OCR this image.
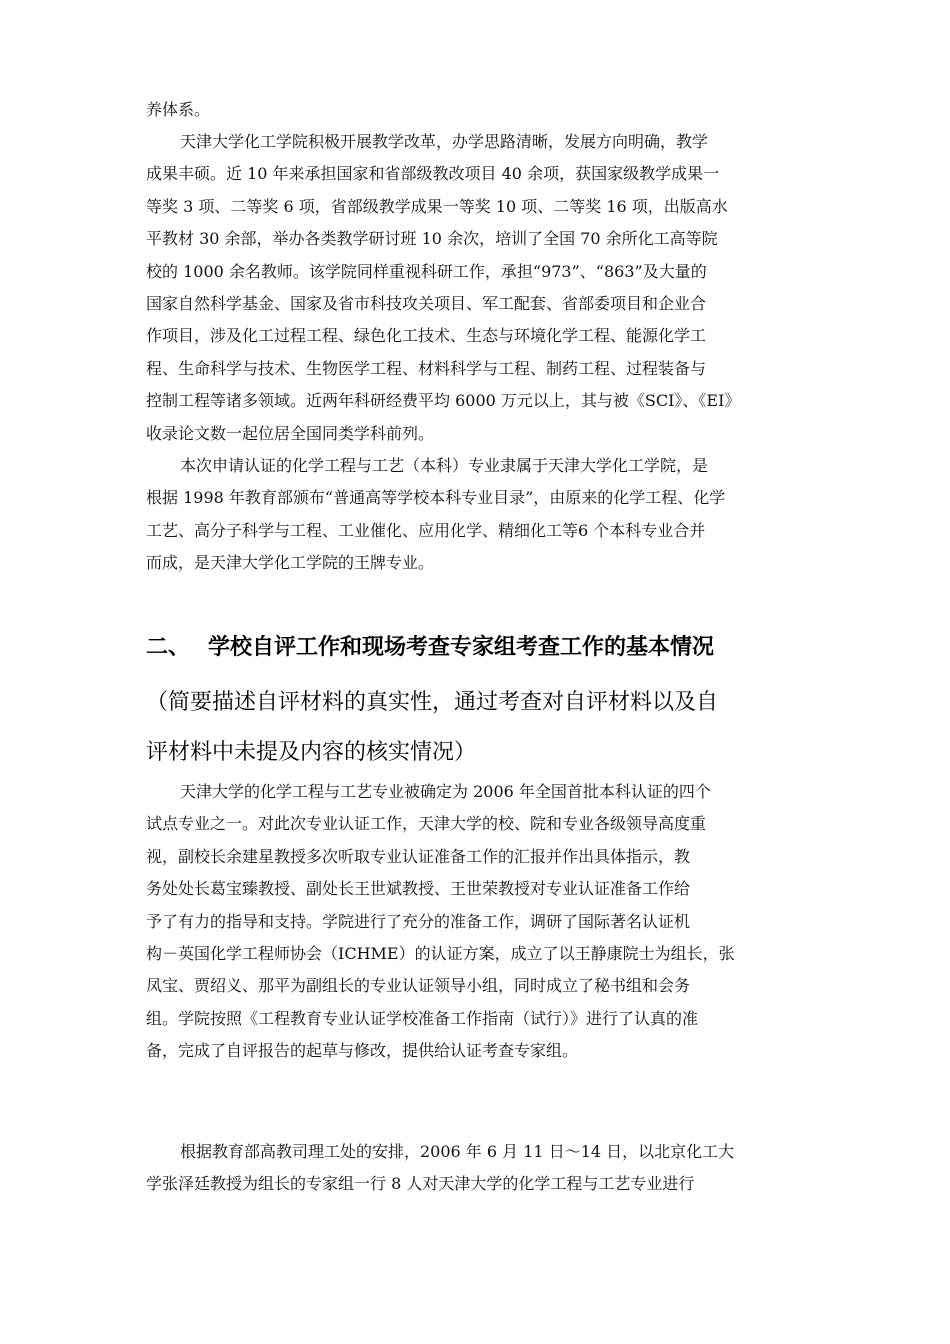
养体系。
天津大学化工学院积极开展教学改革，办学思路清晰，发展方向明确，教学
成果丰硕。近 10 年来承担国家和省部级教改项目 40 余项，获国家级教学成果一
等奖 3 项、二等奖 6 项，省部级教学成果一等奖 10 项、二等奖 16 项，出版高水
平教材 30 余部，举办各类教学研讨班 10 余次，培训了全国 70 余所化工高等院
校的 1000 余名教师。该学院同样重视科研工作，承担“973”、“863”及大量的
国家自然科学基金、国家及省市科技攻关项目、军工配套、省部委项目和企业合
作项目，涉及化工过程工程、绿色化工技术、生态与环境化学工程、能源化学工
程、生命科学与技术、生物医学工程、材料科学与工程、制药工程、过程装备与
控制工程等诸多领域。近两年科研经费平均 6000 万元以上，其与被《SCI》、《EI》
收录论文数一起位居全国同类学科前列。
本次申请认证的化学工程与工艺（本科）专业隶属于天津大学化工学院，是
根据 1998 年教育部颁布“普通高等学校本科专业目录”，由原来的化学工程、化学
工艺、高分子科学与工程、工业催化、应用化学、精细化工等6 个本科专业合并
而成，是天津大学化工学院的王牌专业。
二、 学校自评工作和现场考查专家组考查工作的基本情况
（简要描述自评材料的真实性，通过考查对自评材料以及自
评材料中未提及内容的核实情况）
天津大学的化学工程与工艺专业被确定为 2006 年全国首批本科认证的四个
试点专业之一。对此次专业认证工作，天津大学的校、院和专业各级领导高度重
视，副校长余建星教授多次听取专业认证准备工作的汇报并作出具体指示，教
务处处长葛宝臻教授、副处长王世斌教授、王世荣教授对专业认证准备工作给
予了有力的指导和支持。学院进行了充分的准备工作，调研了国际著名认证机
构－英国化学工程师协会（ICHME）的认证方案，成立了以王静康院士为组长，张
凤宝、贾绍义、那平为副组长的专业认证领导小组，同时成立了秘书组和会务
组。学院按照《工程教育专业认证学校准备工作指南（试行）》进行了认真的准
备，完成了自评报告的起草与修改，提供给认证考查专家组。
根据教育部高教司理工处的安排，2006 年 6 月 11 日～14 日，以北京化工大
学张泽廷教授为组长的专家组一行 8 人对天津大学的化学工程与工艺专业进行
